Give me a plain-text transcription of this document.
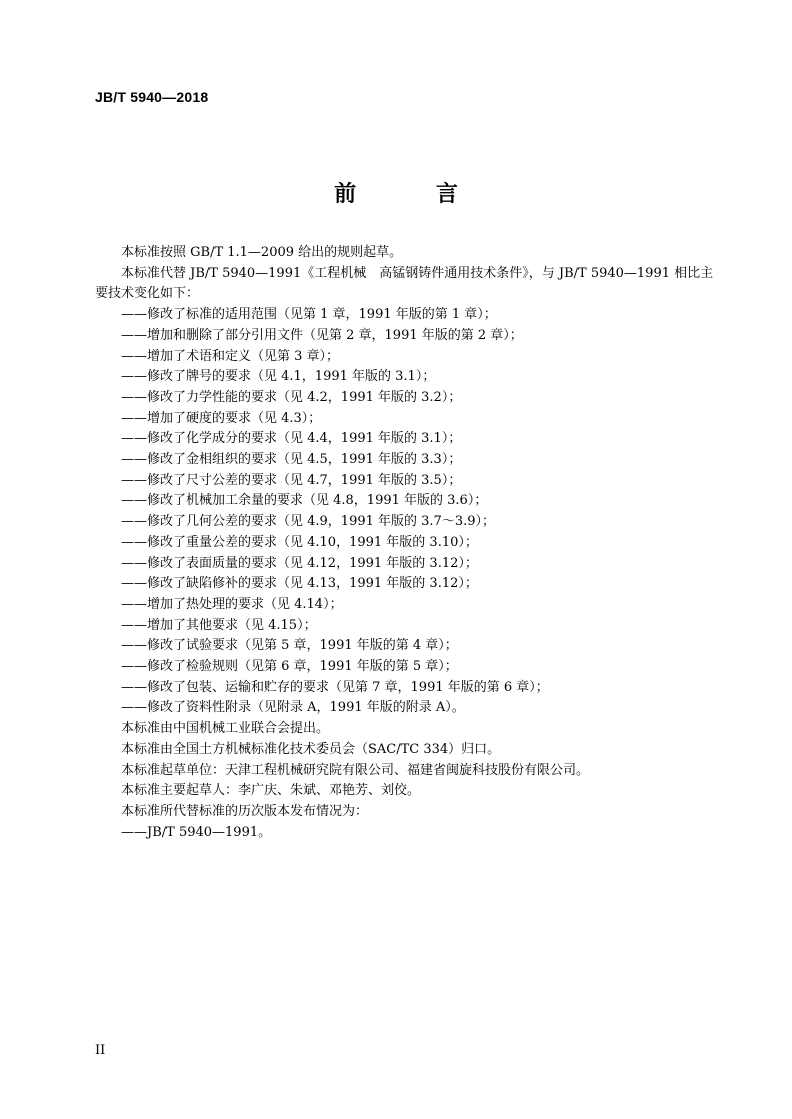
JB/T 5940—2018
前 言

本标准按照 GB/T 1.1—2009 给出的规则起草。

本标准代替 JB/T 5940—1991《工程机械　高锰钢铸件通用技术条件》，与 JB/T 5940—1991 相比主要技术变化如下：

——修改了标准的适用范围（见第 1 章，1991 年版的第 1 章）；

——增加和删除了部分引用文件（见第 2 章，1991 年版的第 2 章）；

——增加了术语和定义（见第 3 章）；

——修改了牌号的要求（见 4.1，1991 年版的 3.1）；

——修改了力学性能的要求（见 4.2，1991 年版的 3.2）；

——增加了硬度的要求（见 4.3）；

——修改了化学成分的要求（见 4.4，1991 年版的 3.1）；

——修改了金相组织的要求（见 4.5，1991 年版的 3.3）；

——修改了尺寸公差的要求（见 4.7，1991 年版的 3.5）；

——修改了机械加工余量的要求（见 4.8，1991 年版的 3.6）；

——修改了几何公差的要求（见 4.9，1991 年版的 3.7～3.9）；

——修改了重量公差的要求（见 4.10，1991 年版的 3.10）；

——修改了表面质量的要求（见 4.12，1991 年版的 3.12）；

——修改了缺陷修补的要求（见 4.13，1991 年版的 3.12）；

——增加了热处理的要求（见 4.14）；

——增加了其他要求（见 4.15）；

——修改了试验要求（见第 5 章，1991 年版的第 4 章）；

——修改了检验规则（见第 6 章，1991 年版的第 5 章）；

——修改了包装、运输和贮存的要求（见第 7 章，1991 年版的第 6 章）；

——修改了资料性附录（见附录 A，1991 年版的附录 A）。

本标准由中国机械工业联合会提出。

本标准由全国土方机械标准化技术委员会（SAC/TC 334）归口。

本标准起草单位：天津工程机械研究院有限公司、福建省闽旋科技股份有限公司。

本标准主要起草人：李广庆、朱斌、邓艳芳、刘佼。

本标准所代替标准的历次版本发布情况为：

——JB/T 5940—1991。

II
